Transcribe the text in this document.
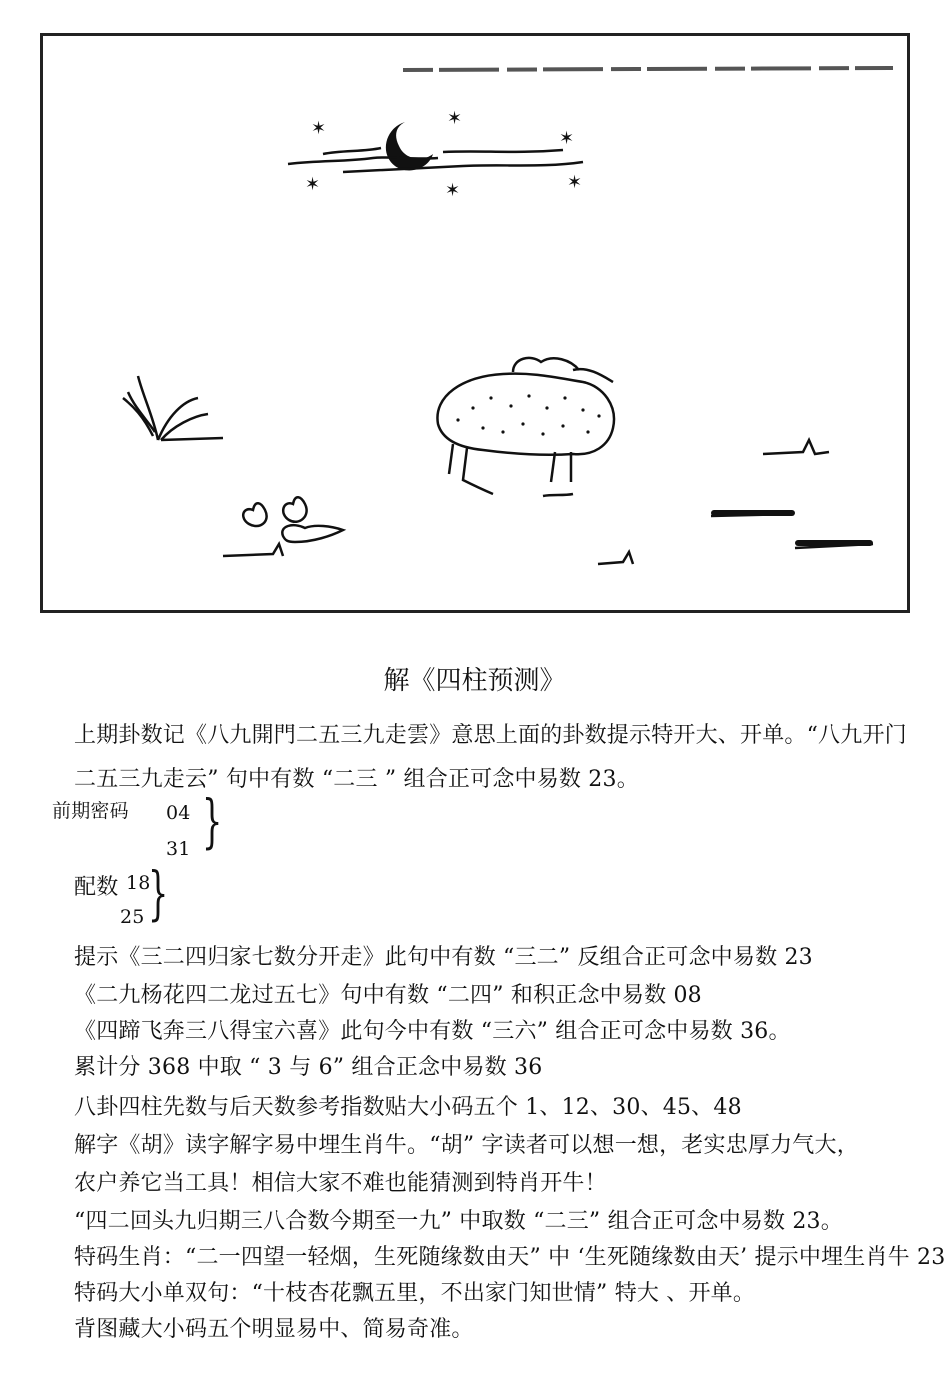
✶	✶
✶
✶	✶	✶
解《四柱预测》
上期卦数记《八九開門二五三九走雲》意思上面的卦数提示特开大、开单。“八九开门
二五三九走云” 句中有数 “二三 ” 组合正可念中易数 23。
前期密码 04
31 }
配数 18
25 }
提示《三二四归家七数分开走》此句中有数 “三二” 反组合正可念中易数 23
《二九杨花四二龙过五七》句中有数 “二四” 和积正念中易数 08
《四蹄飞奔三八得宝六喜》此句今中有数 “三六” 组合正可念中易数 36。
累计分 368 中取 “ 3 与 6” 组合正念中易数 36
八卦四柱先数与后天数参考指数贴大小码五个 1、12、30、45、48
解字《胡》读字解字易中埋生肖牛。“胡” 字读者可以想一想，老实忠厚力气大，
农户养它当工具！相信大家不难也能猜测到特肖开牛！
“四二回头九归期三八合数今期至一九” 中取数 “二三” 组合正可念中易数 23。
特码生肖：“二一四望一轻烟，生死随缘数由天” 中 ‘生死随缘数由天’ 提示中埋生肖牛 23
特码大小单双句：“十枝杏花飘五里，不出家门知世情” 特大 、开单。
背图藏大小码五个明显易中、简易奇准。
